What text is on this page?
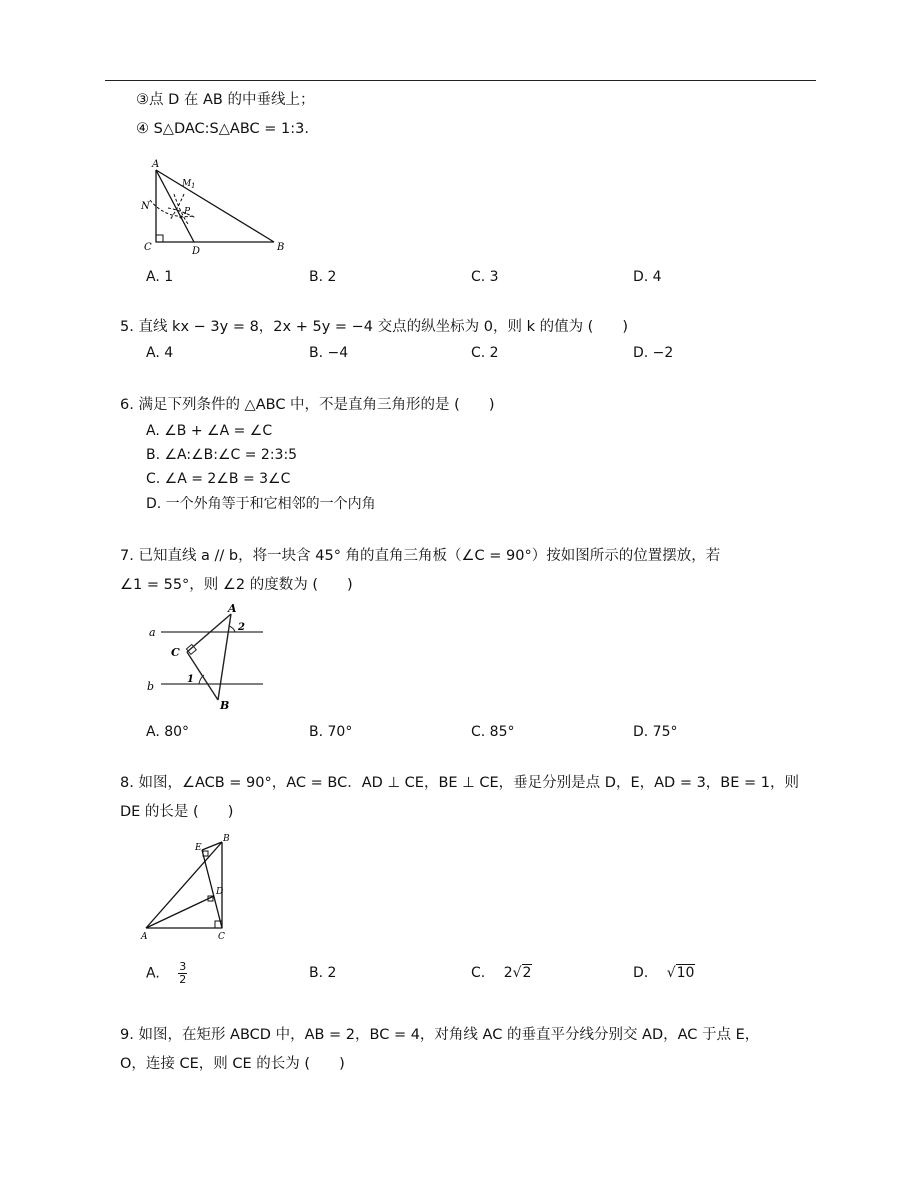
③点 D 在 AB 的中垂线上；
④ S△DAC:S△ABC = 1:3.
A
M 1
N	P
C	D	B
A. 1	B. 2	C. 3	D. 4
5. 直线 kx − 3y = 8，2x + 5y = −4 交点的纵坐标为 0，则 k 的值为 (　　)
A. 4	B. −4	C. 2	D. −2
6. 满足下列条件的 △ABC 中，不是直角三角形的是 (　　)
A. ∠B + ∠A = ∠C
B. ∠A:∠B:∠C = 2:3:5
C. ∠A = 2∠B = 3∠C
D. 一个外角等于和它相邻的一个内角
7. 已知直线 a // b，将一块含 45° 角的直角三角板（∠C = 90°）按如图所示的位置摆放，若
∠1 = 55°，则 ∠2 的度数为 (　　)
a
b
A
B
C
1
2
A. 80°	B. 70°	C. 85°	D. 75°
8. 如图，∠ACB = 90°，AC = BC．AD ⊥ CE，BE ⊥ CE，垂足分别是点 D，E，AD = 3，BE = 1，则
DE 的长是 (　　)
E
B
D
A	C
A. $\frac{3}{2}$	B. 2	C. 2√2	D. √10
9. 如图，在矩形 ABCD 中，AB = 2，BC = 4，对角线 AC 的垂直平分线分别交 AD，AC 于点 E，
O，连接 CE，则 CE 的长为 (　　)
